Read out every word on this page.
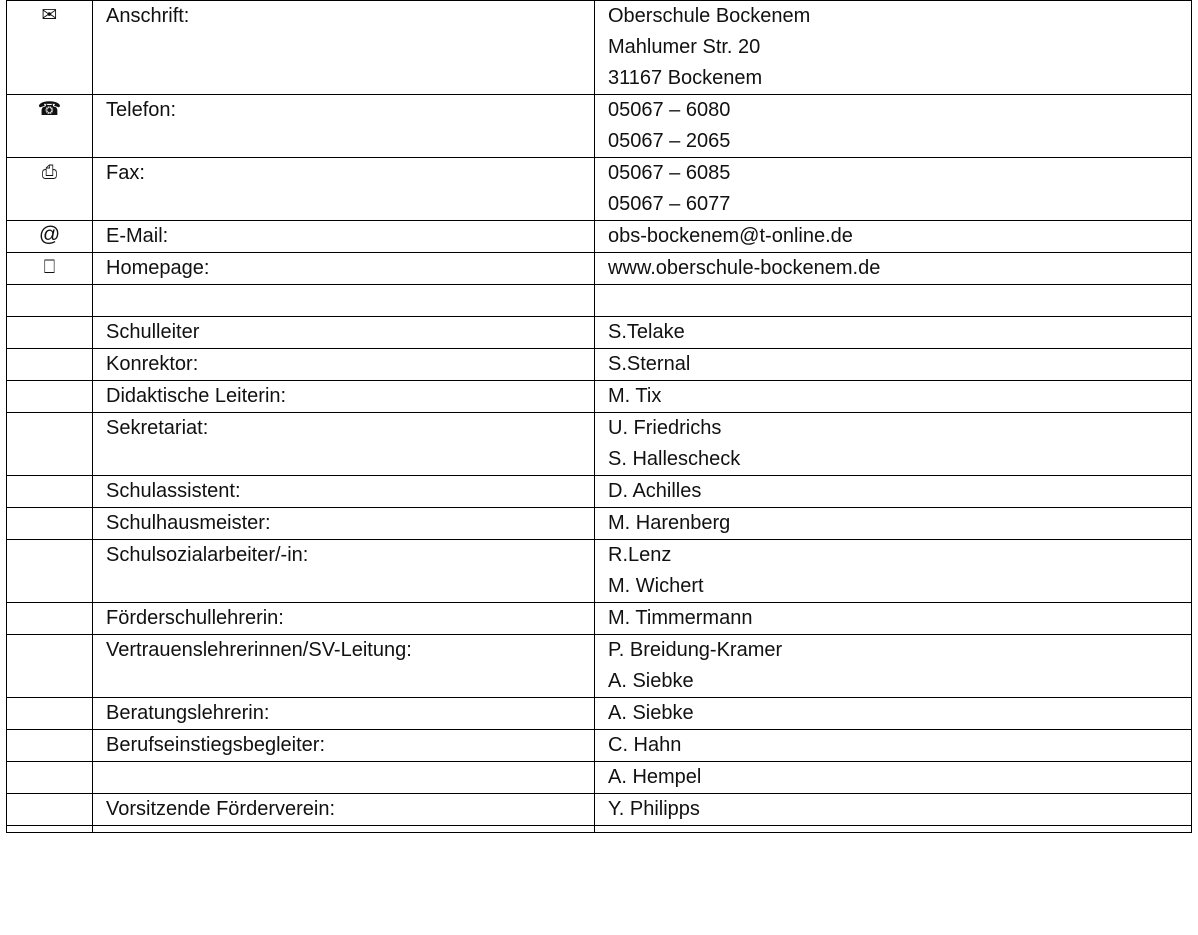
✉	Anschrift:	Oberschule Bockenem
Mahlumer Str. 20
31167 Bockenem

☎	Telefon:	05067 – 6080
05067 – 2065

⎙	Fax:	05067 – 6085
05067 – 6077

@	E-Mail:	obs-bockenem@t-online.de
⎕	Homepage:	www.oberschule-bockenem.de

	Schulleiter	S.Telake
	Konrektor:	S.Sternal
	Didaktische Leiterin:	M. Tix
	Sekretariat:	U. Friedrichs
S. Hallescheck

	Schulassistent:	D. Achilles
	Schulhausmeister:	M. Harenberg
	Schulsozialarbeiter/-in:	R.Lenz
M. Wichert

	Förderschullehrerin:	M. Timmermann
	Vertrauenslehrerinnen/SV-Leitung:	P. Breidung-Kramer
A. Siebke

	Beratungslehrerin:	A. Siebke
	Berufseinstiegsbegleiter:	C. Hahn
		A. Hempel
	Vorsitzende Förderverein:	Y. Philipps
